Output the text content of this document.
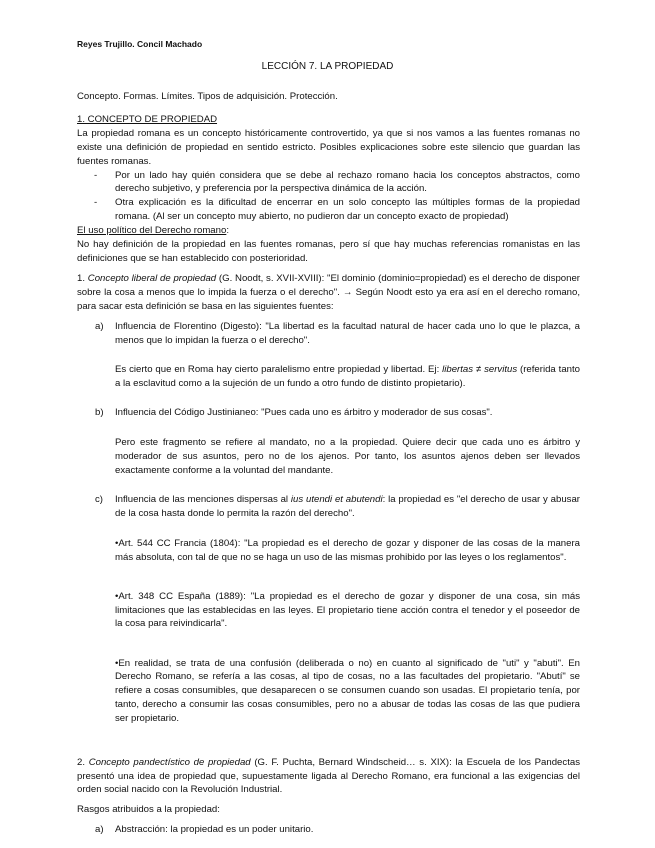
Reyes Trujillo. Concil Machado
LECCIÓN 7. LA PROPIEDAD

Concepto. Formas. Límites. Tipos de adquisición. Protección.

1. CONCEPTO DE PROPIEDAD

La propiedad romana es un concepto históricamente controvertido, ya que si nos vamos a las fuentes romanas no existe una definición de propiedad en sentido estricto. Posibles explicaciones sobre este silencio que guardan las fuentes romanas.

-	Por un lado hay quién considera que se debe al rechazo romano hacia los conceptos abstractos, como derecho subjetivo, y preferencia por la perspectiva dinámica de la acción.
-	Otra explicación es la dificultad de encerrar en un solo concepto las múltiples formas de la propiedad romana. (Al ser un concepto muy abierto, no pudieron dar un concepto exacto de propiedad)

El uso político del Derecho romano:

No hay definición de la propiedad en las fuentes romanas, pero sí que hay muchas referencias romanistas en las definiciones que se han establecido con posterioridad.

1. Concepto liberal de propiedad (G. Noodt, s. XVII-XVIII): "El dominio (dominio=propiedad) es el derecho de disponer sobre la cosa a menos que lo impida la fuerza o el derecho". → Según Noodt esto ya era así en el derecho romano, para sacar esta definición se basa en las siguientes fuentes:

a)	Influencia de Florentino (Digesto): "La libertad es la facultad natural de hacer cada uno lo que le plazca, a menos que lo impidan la fuerza o el derecho".

Es cierto que en Roma hay cierto paralelismo entre propiedad y libertad. Ej: libertas ≠ servitus (referida tanto a la esclavitud como a la sujeción de un fundo a otro fundo de distinto propietario).

b)	Influencia del Código Justinianeo: "Pues cada uno es árbitro y moderador de sus cosas".

Pero este fragmento se refiere al mandato, no a la propiedad. Quiere decir que cada uno es árbitro y moderador de sus asuntos, pero no de los ajenos. Por tanto, los asuntos ajenos deben ser llevados exactamente conforme a la voluntad del mandante.

c)	Influencia de las menciones dispersas al ius utendi et abutendi: la propiedad es "el derecho de usar y abusar de la cosa hasta donde lo permita la razón del derecho".

•Art. 544 CC Francia (1804): "La propiedad es el derecho de gozar y disponer de las cosas de la manera más absoluta, con tal de que no se haga un uso de las mismas prohibido por las leyes o los reglamentos".

•Art. 348 CC España (1889): "La propiedad es el derecho de gozar y disponer de una cosa, sin más limitaciones que las establecidas en las leyes. El propietario tiene acción contra el tenedor y el poseedor de la cosa para reivindicarla".

•En realidad, se trata de una confusión (deliberada o no) en cuanto al significado de "uti" y "abuti". En Derecho Romano, se refería a las cosas, al tipo de cosas, no a las facultades del propietario. "Abutí" se refiere a cosas consumibles, que desaparecen o se consumen cuando son usadas. El propietario tenía, por tanto, derecho a consumir las cosas consumibles, pero no a abusar de todas las cosas de las que pudiera ser propietario.

2. Concepto pandectístico de propiedad (G. F. Puchta, Bernard Windscheid… s. XIX): la Escuela de los Pandectas presentó una idea de propiedad que, supuestamente ligada al Derecho Romano, era funcional a las exigencias del orden social nacido con la Revolución Industrial.

Rasgos atribuidos a la propiedad:

a)	Abstracción: la propiedad es un poder unitario.
